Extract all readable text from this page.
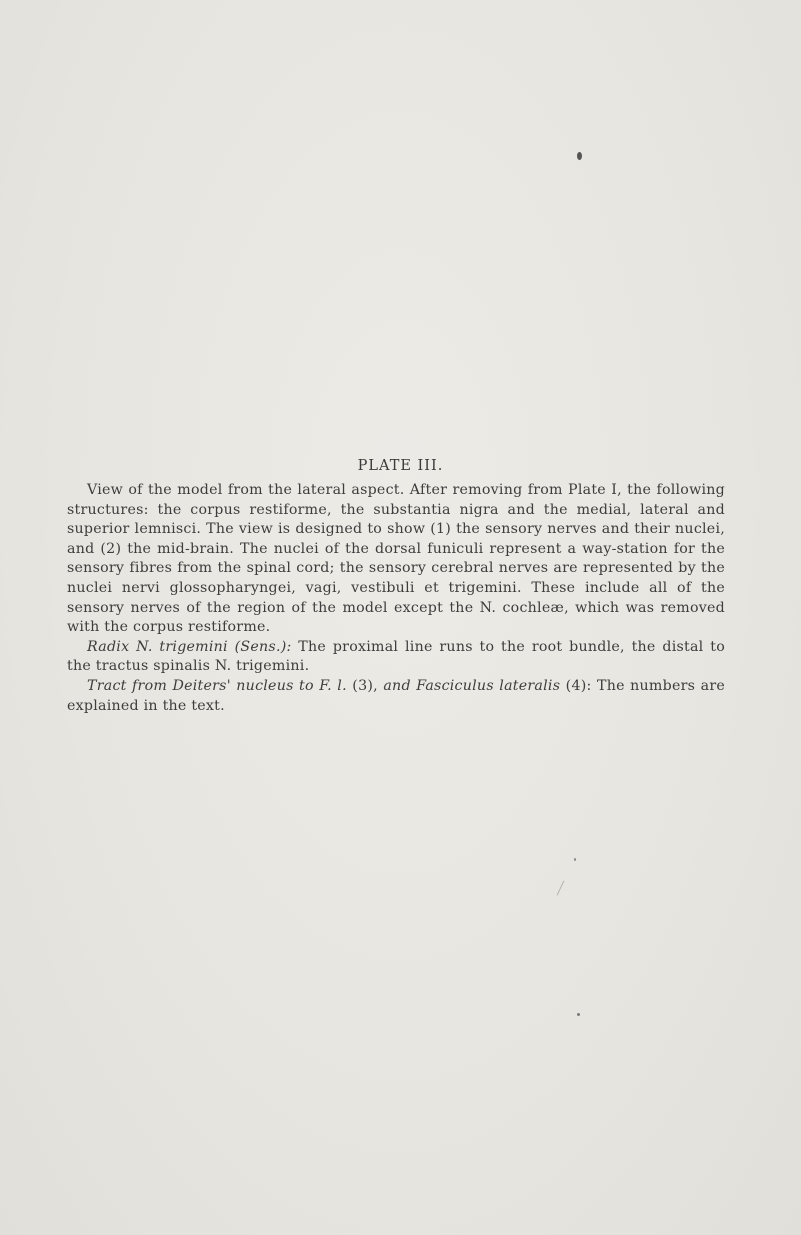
PLATE III.

View of the model from the lateral aspect. After removing from Plate I, the following structures: the corpus restiforme, the substantia nigra and the medial, lateral and superior lemnisci. The view is designed to show (1) the sensory nerves and their nuclei, and (2) the mid-brain. The nuclei of the dorsal funiculi represent a way-station for the sensory fibres from the spinal cord; the sensory cerebral nerves are represented by the nuclei nervi glossopharyngei, vagi, vestibuli et trigemini. These include all of the sensory nerves of the region of the model except the N. cochleæ, which was removed with the corpus restiforme.

Radix N. trigemini (Sens.): The proximal line runs to the root bundle, the distal to the tractus spinalis N. trigemini.

Tract from Deiters' nucleus to F. l. (3), and Fasciculus lateralis (4): The numbers are explained in the text.
